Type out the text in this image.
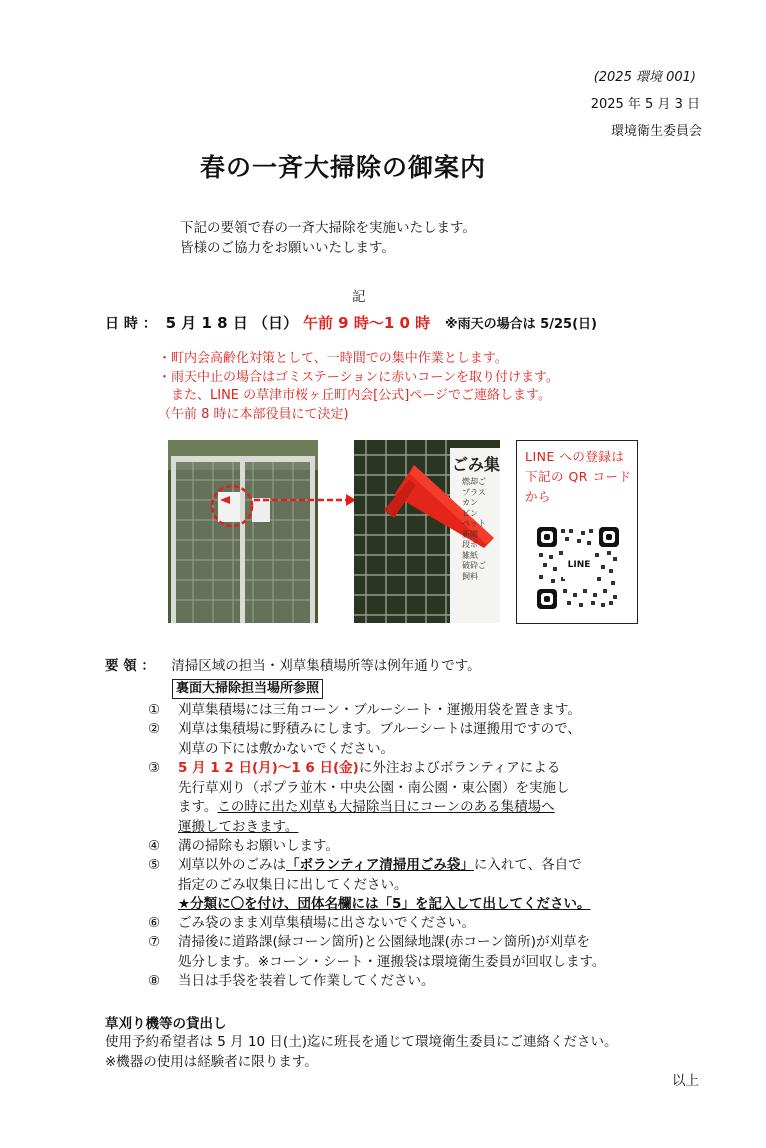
(2025 環境 001)
2025 年 5 月 3 日
環境衛生委員会
春の一斉大掃除の御案内
下記の要領で春の一斉大掃除を実施いたします。
皆様のご協力をお願いいたします。
記
日 時 ： 5 月 1 8 日 （日） 午前 9 時～1 0 時 ※雨天の場合は 5/25(日)
・町内会高齢化対策として、一時間での集中作業とします。
・雨天中止の場合はゴミステーションに赤いコーンを取り付けます。
　また、LINE の草津市桜ヶ丘町内会[公式]ページでご連絡します。
（午前 8 時に本部役員にて決定)
ごみ集
燃却ご
プラス
カン
ビン
ペット
新聞
段ボ
雑紙
破砕ご
飼料
LINE への登録は下記の QR コードから
LINE
要 領 ： 清掃区域の担当・刈草集積場所等は例年通りです。
裏面大掃除担当場所参照
① 刈草集積場には三角コーン・ブルーシート・運搬用袋を置きます。
② 刈草は集積場に野積みにします。ブルーシートは運搬用ですので、
刈草の下には敷かないでください。
③ 5 月 1 2 日(月)～1 6 日(金)に外注およびボランティアによる
先行草刈り（ポプラ並木・中央公園・南公園・東公園）を実施し
ます。この時に出た刈草も大掃除当日にコーンのある集積場へ
運搬しておきます。
④ 溝の掃除もお願いします。
⑤ 刈草以外のごみは「ボランティア清掃用ごみ袋」に入れて、各自で
指定のごみ収集日に出してください。
★分類に〇を付け、団体名欄には「5」を記入して出してください。
⑥ ごみ袋のまま刈草集積場に出さないでください。
⑦ 清掃後に道路課(緑コーン箇所)と公園緑地課(赤コーン箇所)が刈草を
処分します。※コーン・シート・運搬袋は環境衛生委員が回収します。
⑧ 当日は手袋を装着して作業してください。
草刈り機等の貸出し
使用予約希望者は 5 月 10 日(土)迄に班長を通じて環境衛生委員にご連絡ください。
※機器の使用は経験者に限ります。
以上
